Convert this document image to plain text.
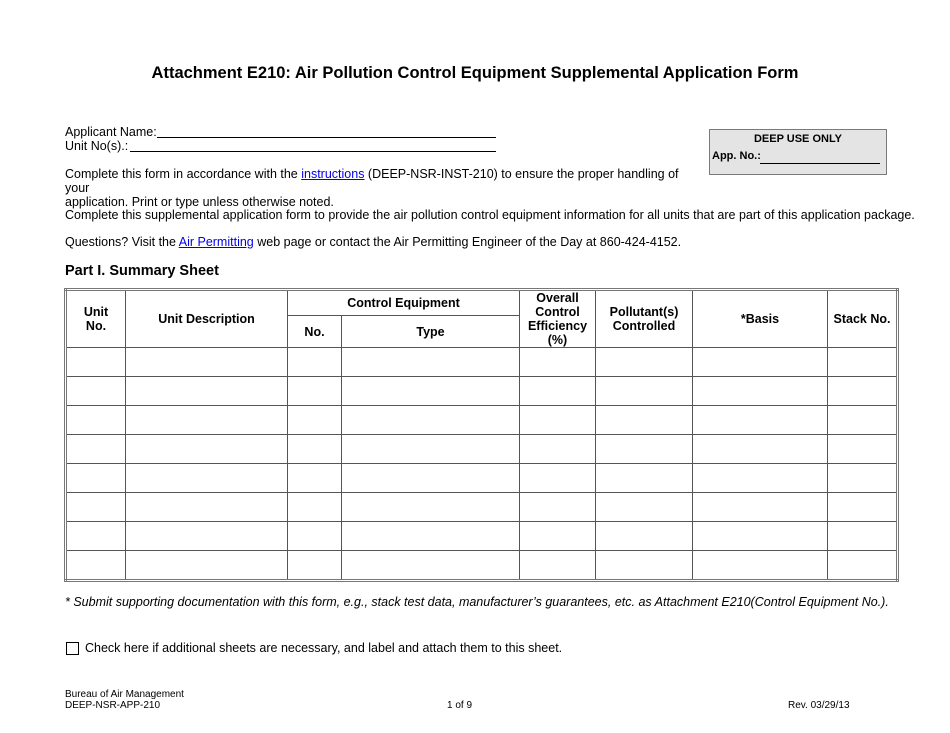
Attachment E210: Air Pollution Control Equipment Supplemental Application Form
Applicant Name:
Unit No(s).:	DEEP USE ONLY
App. No.:
Complete this form in accordance with the instructions (DEEP-NSR-INST-210) to ensure the proper handling of your
application. Print or type unless otherwise noted.
Complete this supplemental application form to provide the air pollution control equipment information for all units that are part of this application package.
Questions? Visit the Air Permitting web page or contact the Air Permitting Engineer of the Day at 860-424-4152.
Part I. Summary Sheet
Unit
No.	Unit Description	Control Equipment		Overall
Control
Efficiency
(%)	Pollutant(s)
Controlled	*Basis	Stack No.
		No.	Type				

* Submit supporting documentation with this form, e.g., stack test data, manufacturer’s guarantees, etc. as Attachment E210(Control Equipment No.).
Check here if additional sheets are necessary, and label and attach them to this sheet.
Bureau of Air Management
DEEP-NSR-APP-210	1 of 9	Rev. 03/29/13
